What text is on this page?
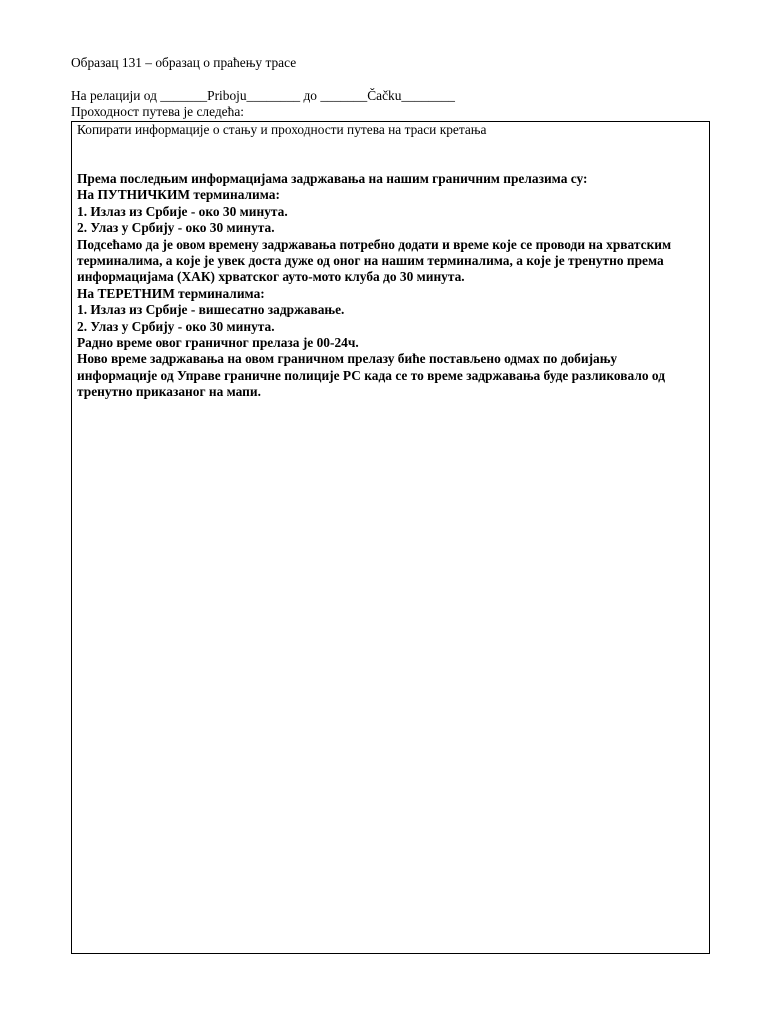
Образац 131 – образац о праћењу трасе
На релацији од _______Priboju________ до _______Čačku________
Проходност путева је следећа:
Копирати информације о стању и проходности путева на траси кретања
Према последњим информацијама задржавања на нашим граничним прелазима су:
На ПУТНИЧКИМ терминалима:
1. Излаз из Србије - око 30 минута.
2. Улаз у Србију - око 30 минута.
Подсећамо да је овом времену задржавања потребно додати и време које се проводи на хрватским
терминалима, а које је увек доста дуже од оног на нашим терминалима, а које је тренутно према
информацијама (ХАК) хрватског ауто-мото клуба до 30 минута.
На ТЕРЕТНИМ терминалима:
1. Излаз из Србије - вишесатно задржавање.
2. Улаз у Србију - око 30 минута.
Радно време овог граничног прелаза је 00-24ч.
Ново време задржавања на овом граничном прелазу биће постављено одмах по добијању
информације од Управе граничне полиције РС када се то време задржавања буде разликовало од
тренутно приказаног на мапи.
